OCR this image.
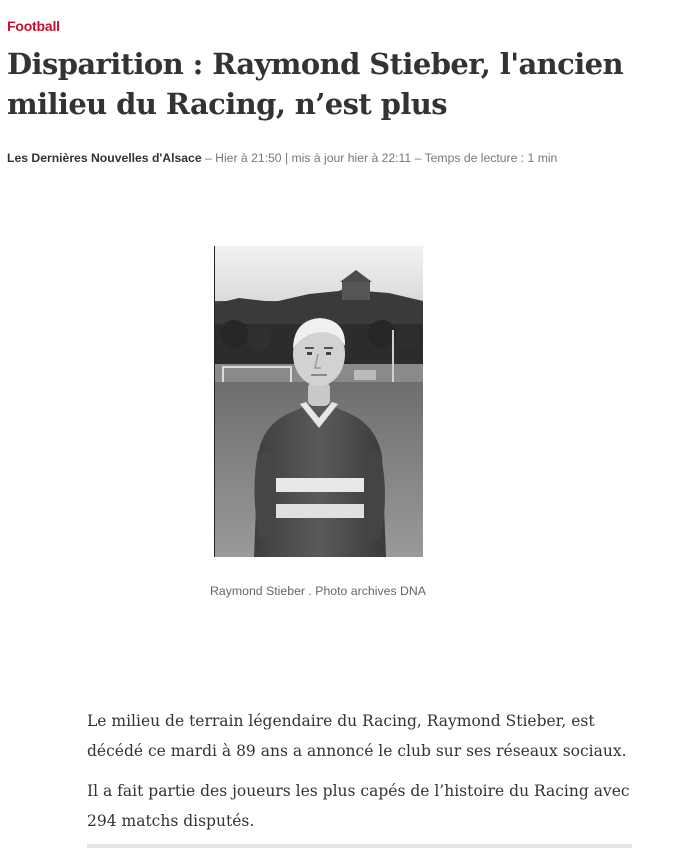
Football
Disparition : Raymond Stieber, l'ancien milieu du Racing, n’est plus
Les Dernières Nouvelles d'Alsace – Hier à 21:50 | mis à jour hier à 22:11 – Temps de lecture : 1 min
Raymond Stieber . Photo archives DNA

Le milieu de terrain légendaire du Racing, Raymond Stieber, est décédé ce mardi à 89 ans a annoncé le club sur ses réseaux sociaux.

Il a fait partie des joueurs les plus capés de l’histoire du Racing avec 294 matchs disputés.
